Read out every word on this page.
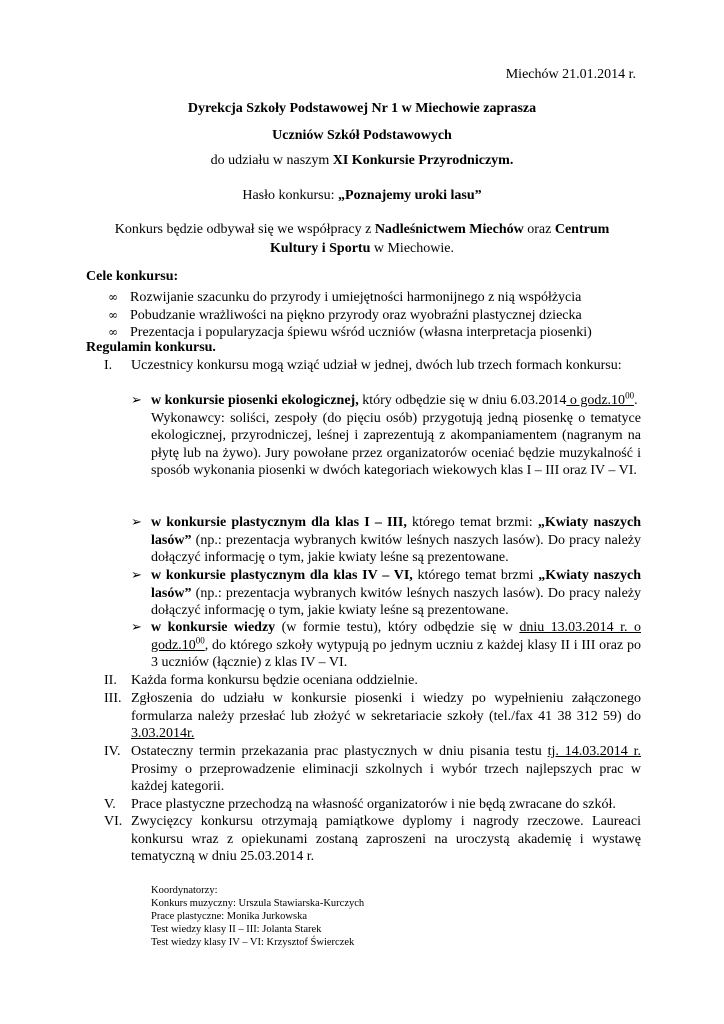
Miechów 21.01.2014 r.
Dyrekcja Szkoły Podstawowej Nr 1 w Miechowie zaprasza
Uczniów Szkół Podstawowych
do udziału w naszym XI Konkursie Przyrodniczym.
Hasło konkursu: „Poznajemy uroki lasu”
Konkurs będzie odbywał się we współpracy z Nadleśnictwem Miechów oraz Centrum
Kultury i Sportu w Miechowie.
Cele konkursu:
∞ Rozwijanie szacunku do przyrody i umiejętności harmonijnego z nią współżycia
∞ Pobudzanie wrażliwości na piękno przyrody oraz wyobraźni plastycznej dziecka
∞ Prezentacja i popularyzacja śpiewu wśród uczniów (własna interpretacja piosenki)
Regulamin konkursu.
I.	Uczestnicy konkursu mogą wziąć udział w jednej, dwóch lub trzech formach konkursu:
➢ w konkursie piosenki ekologicznej, który odbędzie się w dniu 6.03.2014 o $godz.10^{00}$.
Wykonawcy: soliści, zespoły (do pięciu osób) przygotują jedną piosenkę o tematyce ekologicznej, przyrodniczej, leśnej i zaprezentują z akompaniamentem (nagranym na płytę lub na żywo). Jury powołane przez organizatorów oceniać będzie muzykalność i sposób wykonania piosenki w dwóch kategoriach wiekowych klas I – III oraz IV – VI.
➢ w konkursie plastycznym dla klas I – III, którego temat brzmi: „Kwiaty naszych lasów” (np.: prezentacja wybranych kwitów leśnych naszych lasów). Do pracy należy dołączyć informację o tym, jakie kwiaty leśne są prezentowane.
➢ w konkursie plastycznym dla klas IV – VI, którego temat brzmi „Kwiaty naszych lasów” (np.: prezentacja wybranych kwitów leśnych naszych lasów). Do pracy należy dołączyć informację o tym, jakie kwiaty leśne są prezentowane.
➢ w konkursie wiedzy (w formie testu), który odbędzie się w dniu 13.03.2014 r. o $godz.10^{00}$, do którego szkoły wytypują po jednym uczniu z każdej klasy II i III oraz po 3 uczniów (łącznie) z klas IV – VI.
II.	Każda forma konkursu będzie oceniana oddzielnie.
III. Zgłoszenia do udziału w konkursie piosenki i wiedzy po wypełnieniu załączonego formularza należy przesłać lub złożyć w sekretariacie szkoły (tel./fax 41 38 312 59) do 3.03.2014r.
IV. Ostateczny termin przekazania prac plastycznych w dniu pisania testu tj. 14.03.2014 r. Prosimy o przeprowadzenie eliminacji szkolnych i wybór trzech najlepszych prac w każdej kategorii.
V.	Prace plastyczne przechodzą na własność organizatorów i nie będą zwracane do szkół.
VI. Zwycięzcy konkursu otrzymają pamiątkowe dyplomy i nagrody rzeczowe. Laureaci konkursu wraz z opiekunami zostaną zaproszeni na uroczystą akademię i wystawę tematyczną w dniu 25.03.2014 r.
Koordynatorzy:
Konkurs muzyczny: Urszula Stawiarska-Kurczych
Prace plastyczne: Monika Jurkowska
Test wiedzy klasy II – III: Jolanta Starek
Test wiedzy klasy IV – VI: Krzysztof Świerczek
